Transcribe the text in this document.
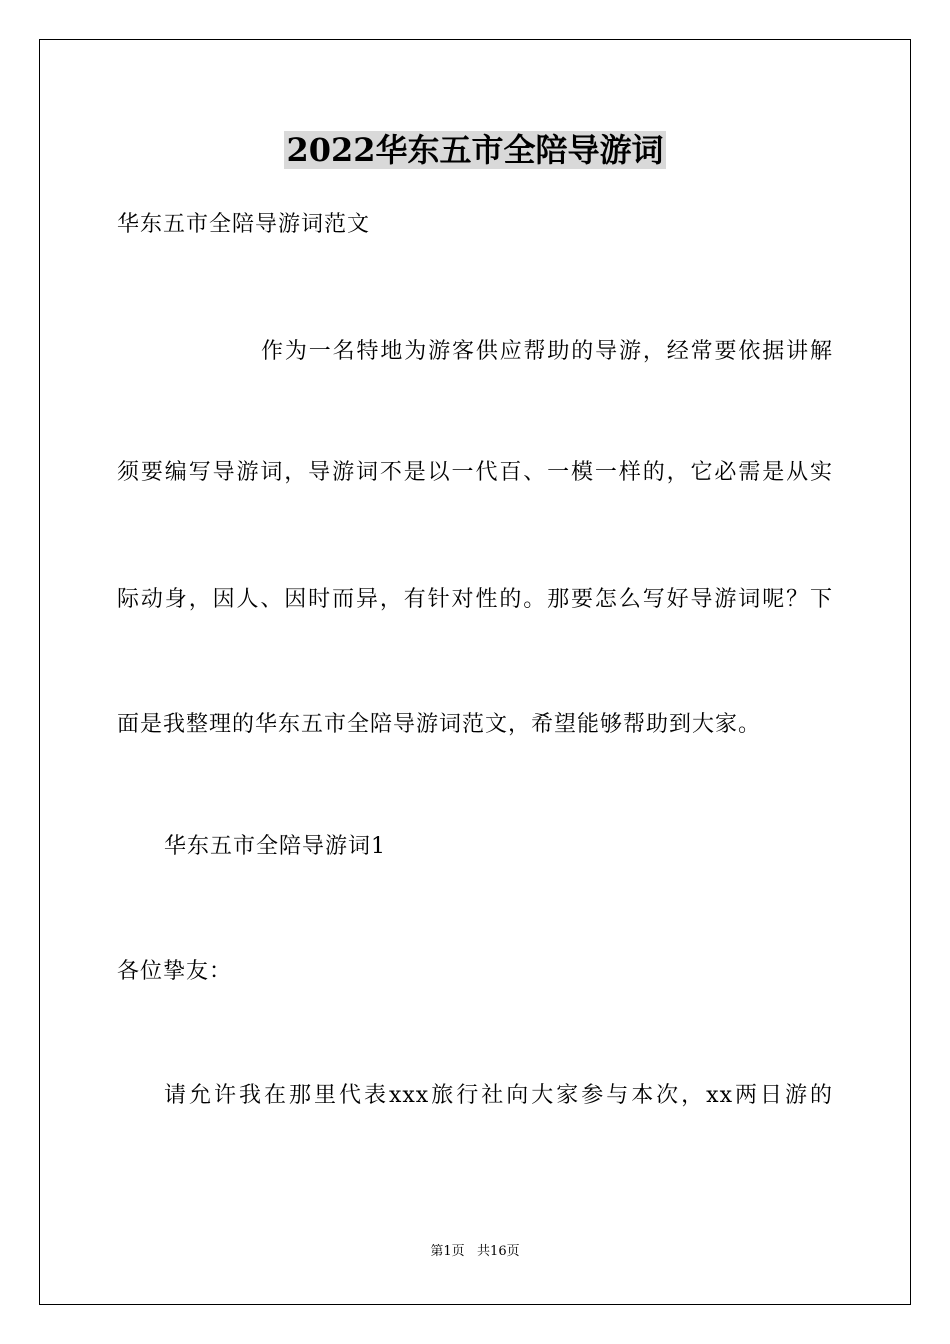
2022华东五市全陪导游词
华东五市全陪导游词范文
作为一名特地为游客供应帮助的导游，经常要依据讲解
须要编写导游词，导游词不是以一代百、一模一样的，它必需是从实
际动身，因人、因时而异，有针对性的。那要怎么写好导游词呢？下
面是我整理的华东五市全陪导游词范文，希望能够帮助到大家。
华东五市全陪导游词1
各位挚友：
请允许我在那里代表xxx旅行社向大家参与本次，xx两日游的
第1页   共16页
